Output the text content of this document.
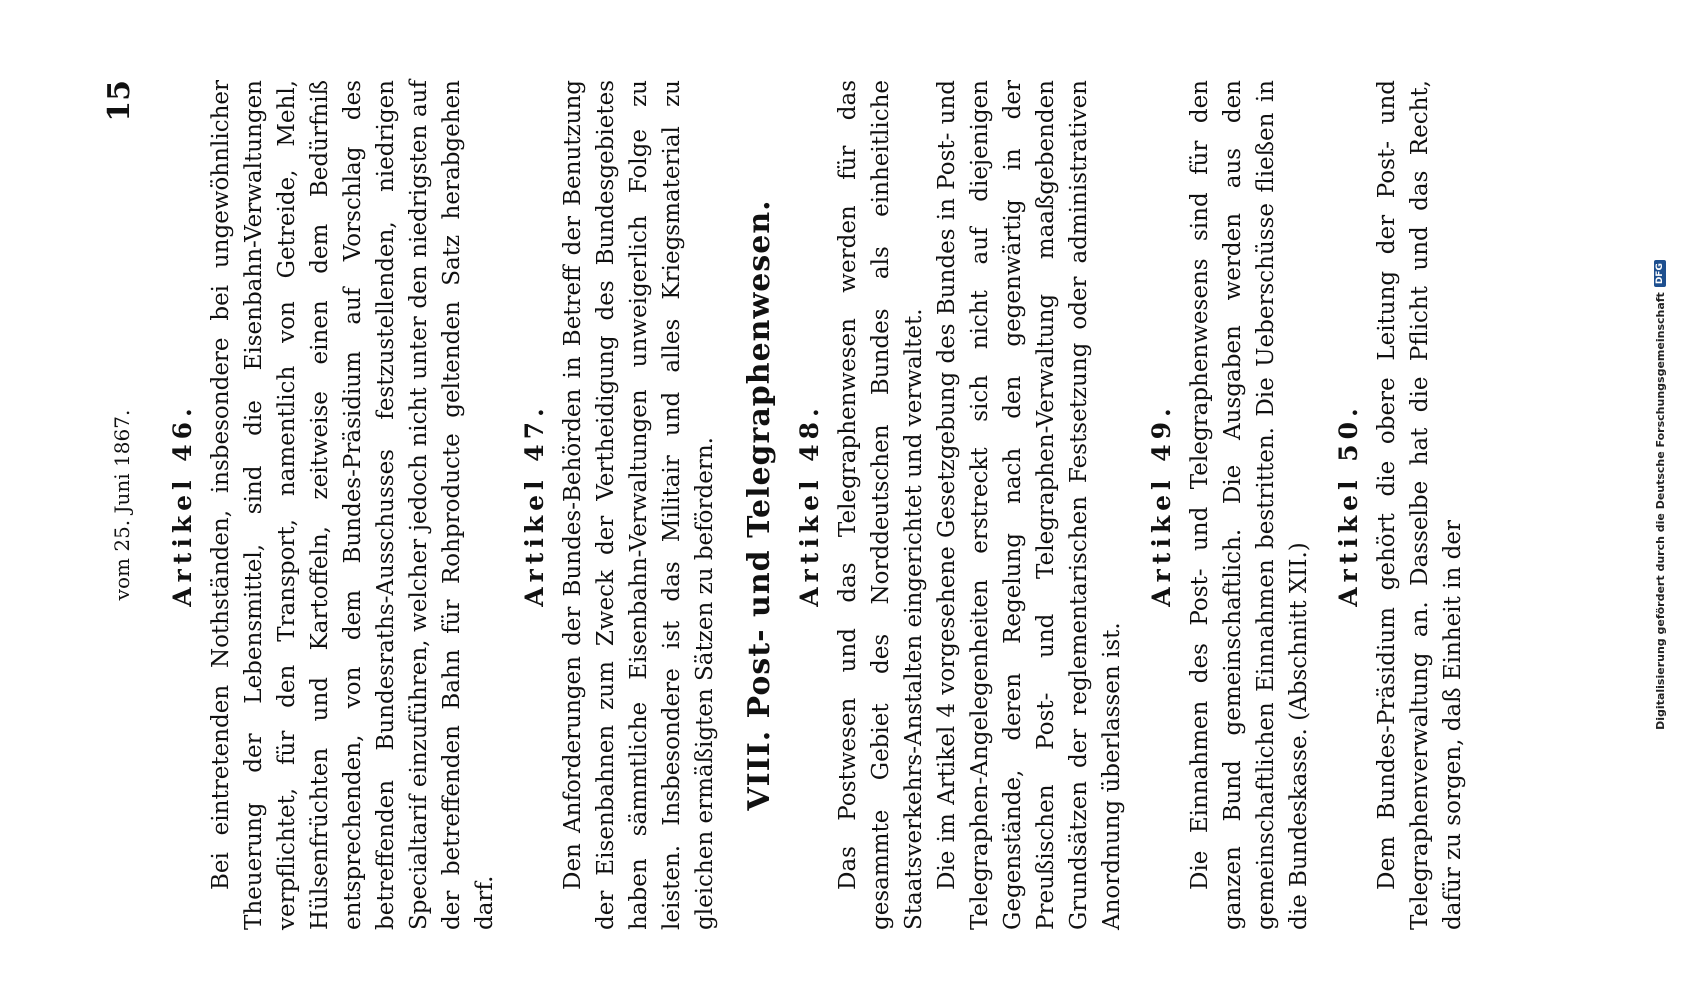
vom 25. Juni 1867.
15
Artikel 46. Bei eintretenden Nothständen, insbesondere bei ungewöhnlicher Theuerung der Lebensmittel, sind die Eisenbahn-Verwaltungen verpflichtet, für den Transport, namentlich von Getreide, Mehl, Hülsenfrüchten und Kartoffeln, zeitweise einen dem Bedürfniß entsprechenden, von dem Bundes-Präsidium auf Vorschlag des betreffenden Bundesraths-Ausschusses festzustellenden, niedrigen Specialtarif einzuführen, welcher jedoch nicht unter den niedrigsten auf der betreffenden Bahn für Rohproducte geltenden Satz herabgehen darf.

Artikel 47. Den Anforderungen der Bundes-Behörden in Betreff der Benutzung der Eisenbahnen zum Zweck der Vertheidigung des Bundesgebietes haben sämmtliche Eisenbahn-Verwaltungen unweigerlich Folge zu leisten. Insbesondere ist das Militair und alles Kriegsmaterial zu gleichen ermäßigten Sätzen zu befördern. VIII. Post- und Telegraphenwesen. Artikel 48. Das Postwesen und das Telegraphenwesen werden für das gesammte Gebiet des Norddeutschen Bundes als einheitliche Staatsverkehrs-Anstalten eingerichtet und verwaltet. Die im Artikel 4 vorgesehene Gesetzgebung des Bundes in Post- und Telegraphen-Angelegenheiten erstreckt sich nicht auf diejenigen Gegenstände, deren Regelung nach den gegenwärtig in der Preußischen Post- und Telegraphen-Verwaltung maaßgebenden Grundsätzen der reglementarischen Festsetzung oder administrativen Anordnung überlassen ist.

Artikel 49. Die Einnahmen des Post- und Telegraphenwesens sind für den ganzen Bund gemeinschaftlich. Die Ausgaben werden aus den gemeinschaftlichen Einnahmen bestritten. Die Ueberschüsse fließen in die Bundeskasse. (Abschnitt XII.)

Artikel 50. Dem Bundes-Präsidium gehört die obere Leitung der Post- und Telegraphenverwaltung an. Dasselbe hat die Pflicht und das Recht, dafür zu sorgen, daß Einheit in der	Digitalisierung gefördert durch die Deutsche Forschungsgemeinschaft
DFG
